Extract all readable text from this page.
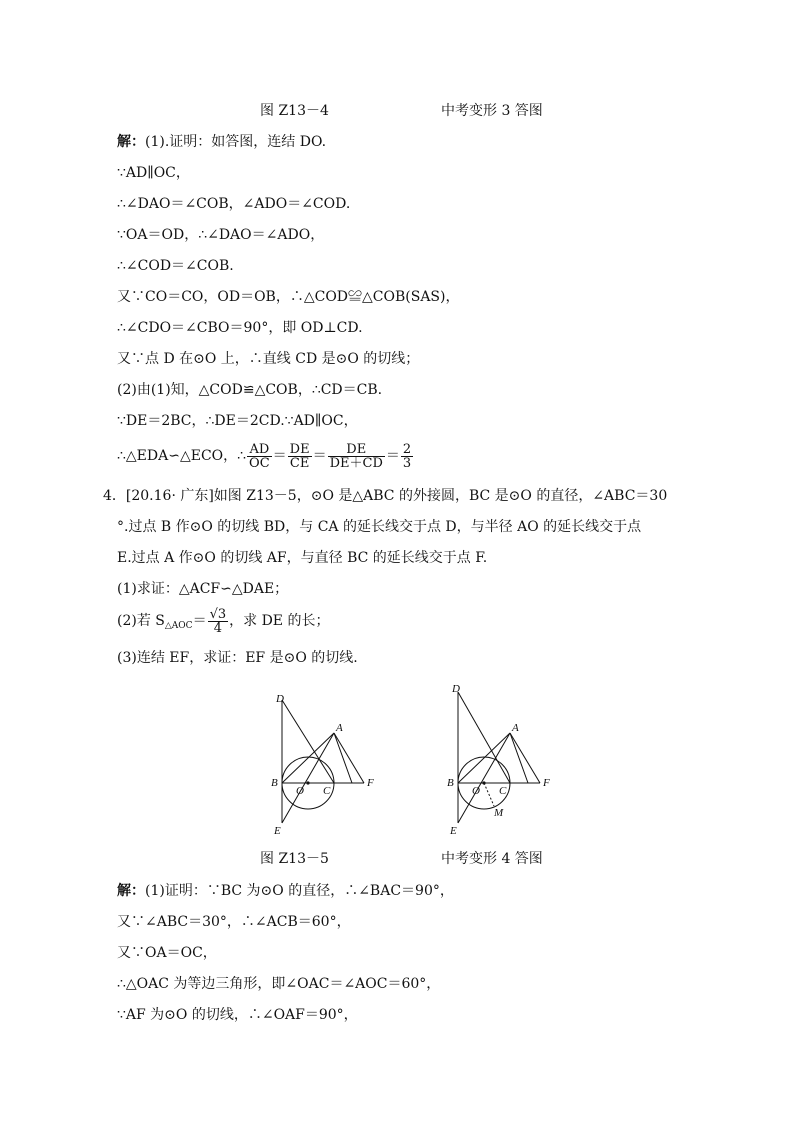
图 Z13－4	中考变形 3 答图
解：(1).证明：如答图，连结 DO.
∵AD∥OC，
∴∠DAO＝∠COB，∠ADO＝∠COD.
∵OA＝OD，∴∠DAO＝∠ADO，
∴∠COD＝∠COB.
又∵CO＝CO，OD＝OB，∴△COD≌△COB(SAS)，
∴∠CDO＝∠CBO＝90°，即 OD⊥CD.
又∵点 D 在⊙O 上，∴直线 CD 是⊙O 的切线；
(2)由(1)知，△COD≌△COB，∴CD＝CB.
∵DE＝2BC，∴DE＝2CD.∵AD∥OC，
∴△EDA∽△ECO，∴ $\frac{AD}{OC} = \frac{DE}{CE} = \frac{DE}{DE+CD} = \frac{2}{3}$
4．[20.16· 广东]如图 Z13－5，⊙O 是△ABC 的外接圆，BC 是⊙O 的直径，∠ABC＝30
°.过点 B 作⊙O 的切线 BD，与 CA 的延长线交于点 D，与半径 AO 的延长线交于点
E.过点 A 作⊙O 的切线 AF，与直径 BC 的延长线交于点 F.
(1)求证：△ACF∽△DAE；
(2)若 $S_{\triangle AOC}= \frac{√3}{4}$ ，求 DE 的长；
(3)连结 EF，求证：EF 是⊙O 的切线.
D
A
B
O C
F
E
D
A
B
O C
F
M
E
图 Z13－5	中考变形 4 答图
解：(1)证明：∵BC 为⊙O 的直径，∴∠BAC＝90°，
又∵∠ABC＝30°，∴∠ACB＝60°，
又∵OA＝OC，
∴△OAC 为等边三角形，即∠OAC＝∠AOC＝60°，
∵AF 为⊙O 的切线，∴∠OAF＝90°，
